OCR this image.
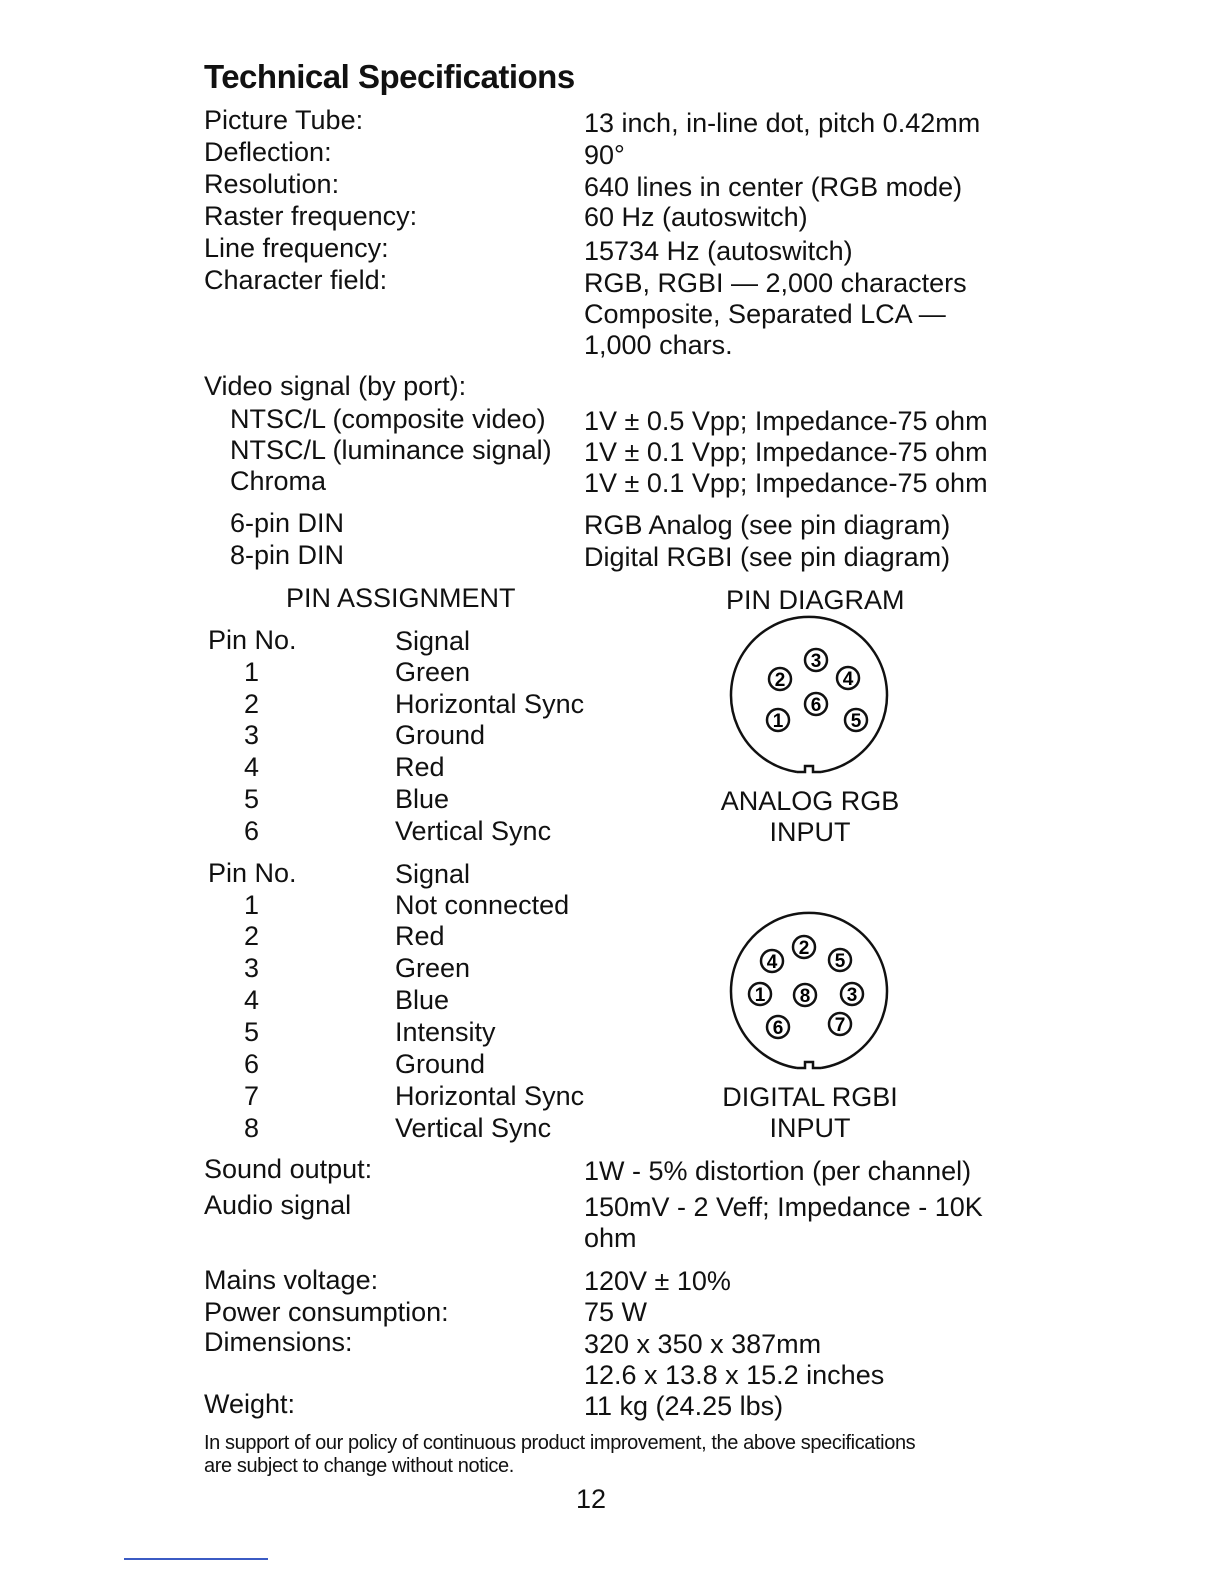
Technical Specifications
Picture Tube:	13 inch, in-line dot, pitch 0.42mm
Deflection:	90°
Resolution:	640 lines in center (RGB mode)
Raster frequency:	60 Hz (autoswitch)
Line frequency:	15734 Hz (autoswitch)
Character field:	RGB, RGBI — 2,000 characters
Composite, Separated LCA —
1,000 chars.
Video signal (by port):
NTSC/L (composite video) 1V ± 0.5 Vpp; Impedance-75 ohm
NTSC/L (luminance signal) 1V ± 0.1 Vpp; Impedance-75 ohm
Chroma	1V ± 0.1 Vpp; Impedance-75 ohm
6-pin DIN	RGB Analog (see pin diagram)
8-pin DIN	Digital RGBI (see pin diagram)
PIN ASSIGNMENT	PIN DIAGRAM
Pin No.	Signal
1	Green
2	Horizontal Sync
3	Ground
4	Red
5	Blue
6	Vertical Sync
Pin No.	Signal
1	Not connected
2	Red
3	Green
4	Blue
5	Intensity
6	Ground
7	Horizontal Sync
8	Vertical Sync
3
2	4
6
1	5
ANALOG RGB
INPUT
2
4	5
1 8 3
6	7
DIGITAL RGBI
INPUT
Sound output:	1W - 5% distortion (per channel)
Audio signal	150mV - 2 Veff; Impedance - 10K
ohm
Mains voltage:	120V ± 10%
Power consumption:	75 W
Dimensions:	320 x 350 x 387mm
12.6 x 13.8 x 15.2 inches
Weight:	11 kg (24.25 lbs)
In support of our policy of continuous product improvement, the above specifications
are subject to change without notice.
12
